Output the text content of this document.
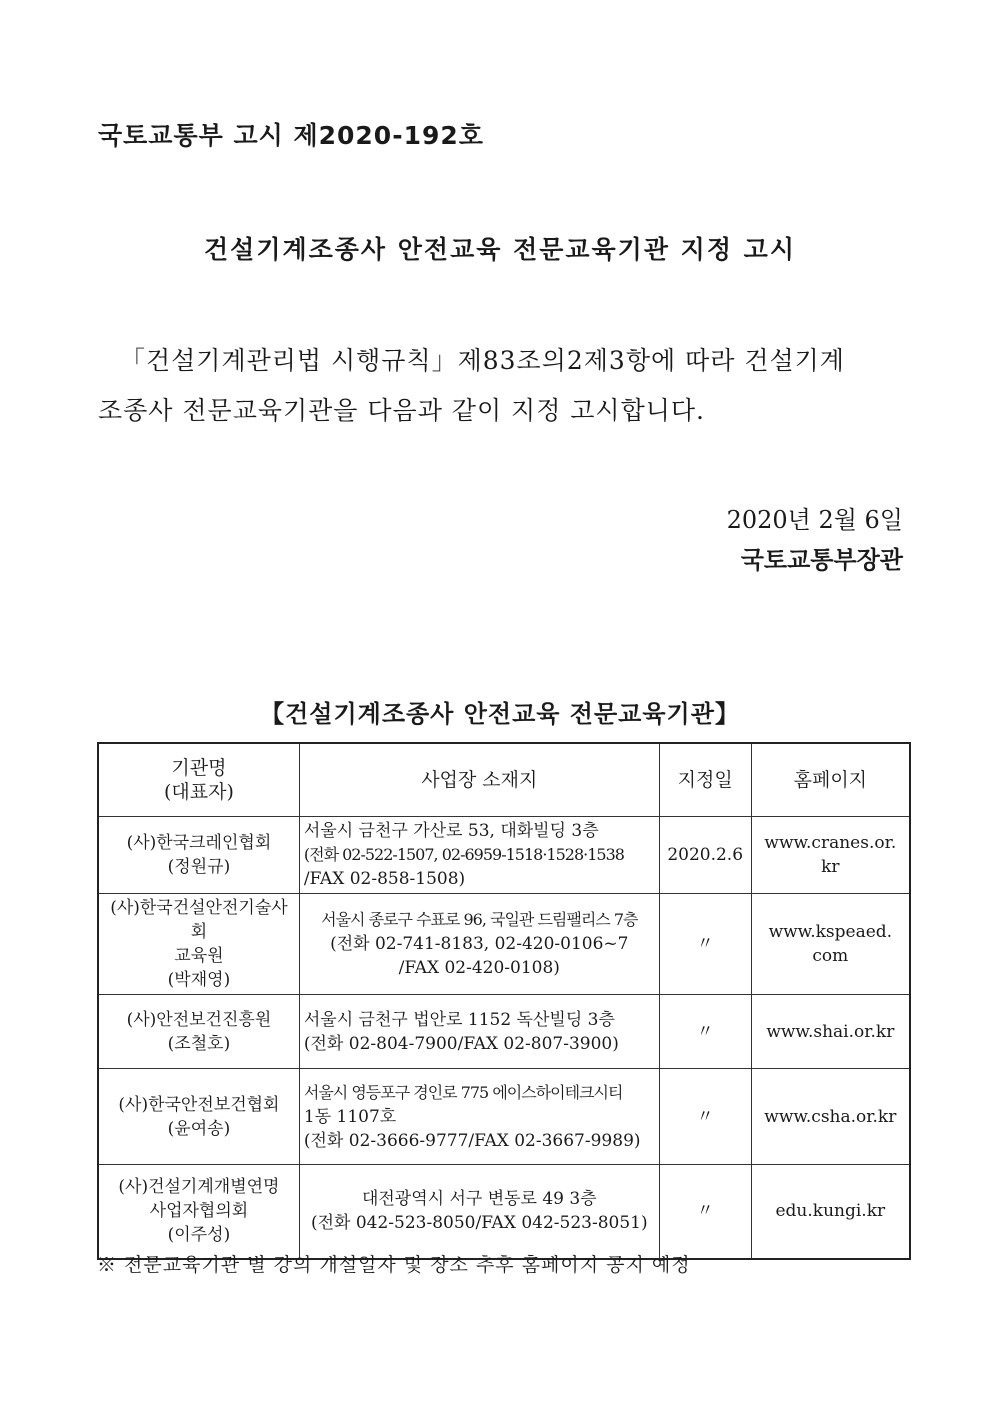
국토교통부 고시 제2020-192호
건설기계조종사 안전교육 전문교육기관 지정 고시
「건설기계관리법 시행규칙」제83조의2제3항에 따라 건설기계
조종사 전문교육기관을 다음과 같이 지정 고시합니다.
2020년 2월 6일
국토교통부장관
【건설기계조종사 안전교육 전문교육기관】
기관명
(대표자)	사업장 소재지	지정일	홈페이지

(사)한국크레인협회
(정원규)	서울시 금천구 가산로 53, 대화빌딩 3층
(전화 02-522-1507, 02-6959-1518·1528·1538
/FAX 02-858-1508)	2020.2.6	www.cranes.or.
kr

(사)한국건설안전기술사회
교육원
(박재영)	서울시 종로구 수표로 96, 국일관 드림팰리스 7층
(전화 02-741-8183, 02-420-0106~7
/FAX 02-420-0108)	〃	www.kspeaed.
com

(사)안전보건진흥원
(조철호)	서울시 금천구 법안로 1152 독산빌딩 3층
(전화 02-804-7900/FAX 02-807-3900)	〃	www.shai.or.kr

(사)한국안전보건협회
(윤여송)	서울시 영등포구 경인로 775 에이스하이테크시티
1동 1107호
(전화 02-3666-9777/FAX 02-3667-9989)	〃	www.csha.or.kr

(사)건설기계개별연명
사업자협의회
(이주성)	대전광역시 서구 변동로 49 3층
(전화 042-523-8050/FAX 042-523-8051)	〃	edu.kungi.kr
※ 전문교육기관 별 강의 개설일자 및 장소 추후 홈페이지 공지 예정
